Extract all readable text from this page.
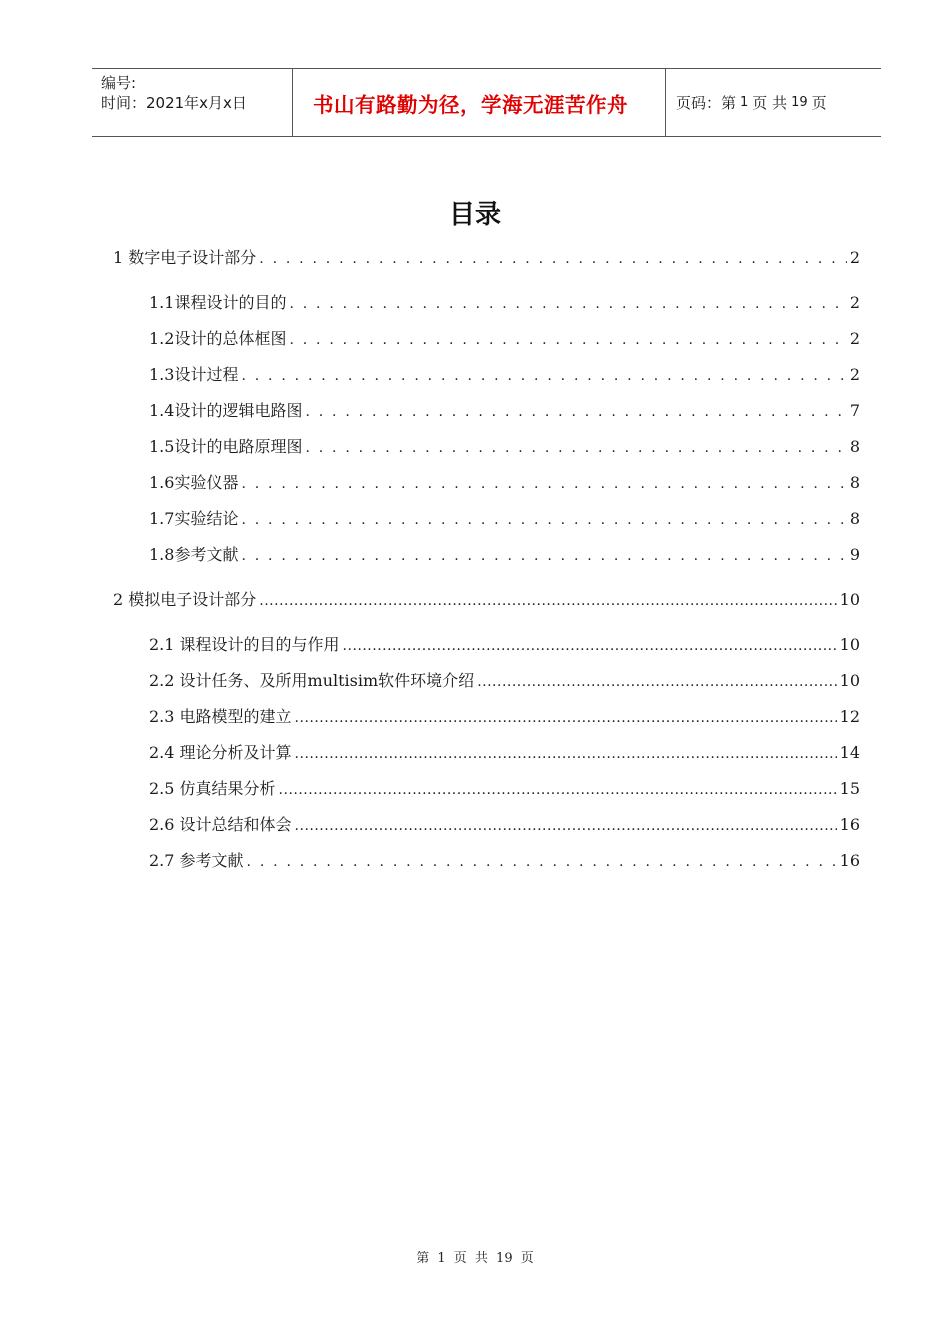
编号:
时间：2021年x月x日	书山有路勤为径，学海无涯苦作舟	页码：第 1 页 共 19 页
目录
1 数字电子设计部分 . . .	2
1.1课程设计的目的 . . .	2
1.2设计的总体框图 . . .	2
1.3设计过程 . . .	2
1.4设计的逻辑电路图 . . .	7
1.5设计的电路原理图 . . .	8
1.6实验仪器 . . .	8
1.7实验结论 . . .	8
1.8参考文献 . . .	9
2 模拟电子设计部分 .....	10
2.1 课程设计的目的与作用 .....	10
2.2 设计任务、及所用multisim软件环境介绍 .....	10
2.3 电路模型的建立 .....	12
2.4 理论分析及计算 .....	14
2.5 仿真结果分析 .....	15
2.6 设计总结和体会 .....	16
2.7 参考文献 . . .	16
第 1 页 共 19 页
